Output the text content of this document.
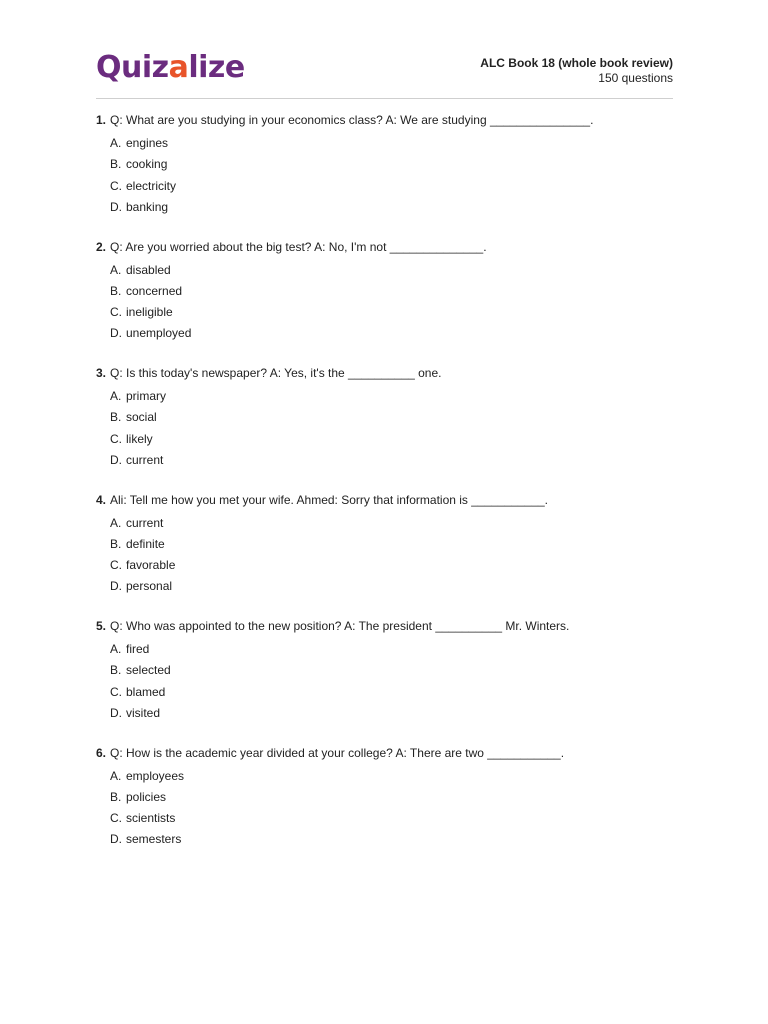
Quizalize	ALC Book 18 (whole book review)
150 questions
1. Q: What are you studying in your economics class? A: We are studying _______________.
A. engines
B. cooking
C. electricity
D. banking
2. Q: Are you worried about the big test? A: No, I'm not ______________.
A. disabled
B. concerned
C. ineligible
D. unemployed
3. Q: Is this today's newspaper? A: Yes, it's the __________ one.
A. primary
B. social
C. likely
D. current
4. Ali: Tell me how you met your wife. Ahmed: Sorry that information is ___________.
A. current
B. definite
C. favorable
D. personal
5. Q: Who was appointed to the new position? A: The president __________ Mr. Winters.
A. fired
B. selected
C. blamed
D. visited
6. Q: How is the academic year divided at your college? A: There are two ___________.
A. employees
B. policies
C. scientists
D. semesters
